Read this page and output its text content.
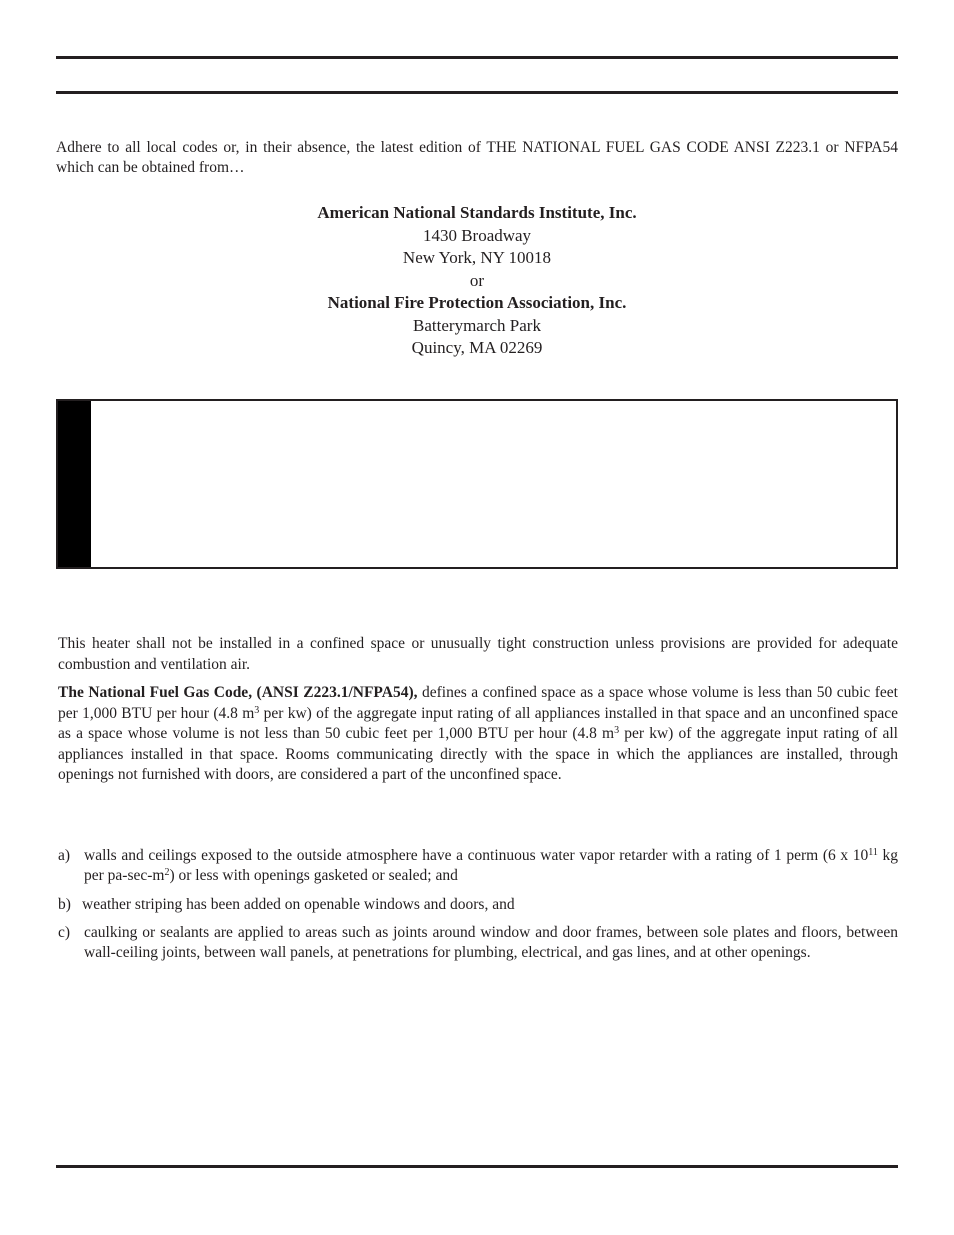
Adhere to all local codes or, in their absence, the latest edition of THE NATIONAL FUEL GAS CODE ANSI Z223.1 or NFPA54 which can be obtained from…

American National Standards Institute, Inc.
1430 Broadway
New York, NY 10018
or
National Fire Protection Association, Inc.
Batterymarch Park
Quincy, MA 02269

This heater shall not be installed in a confined space or unusually tight construction unless provisions are provided for adequate combustion and ventilation air.

The National Fuel Gas Code, (ANSI Z223.1/NFPA54), defines a confined space as a space whose volume is less than 50 cubic feet per 1,000 BTU per hour (4.8 $m^3$ per kw) of the aggregate input rating of all appliances installed in that space and an unconfined space as a space whose volume is not less than 50 cubic feet per 1,000 BTU per hour (4.8 $m^3$ per kw) of the aggregate input rating of all appliances installed in that space. Rooms communicating directly with the space in which the appliances are installed, through openings not furnished with doors, are considered a part of the unconfined space.

a) walls and ceilings exposed to the outside atmosphere have a continuous water vapor retarder with a rating of 1 perm (6 x $10^{11}$ kg per $pa-\sec-m^2$) or less with openings gasketed or sealed; and
b) weather striping has been added on openable windows and doors, and
c) caulking or sealants are applied to areas such as joints around window and door frames, between sole plates and floors, between wall-ceiling joints, between wall panels, at penetrations for plumbing, electrical, and gas lines, and at other openings.
